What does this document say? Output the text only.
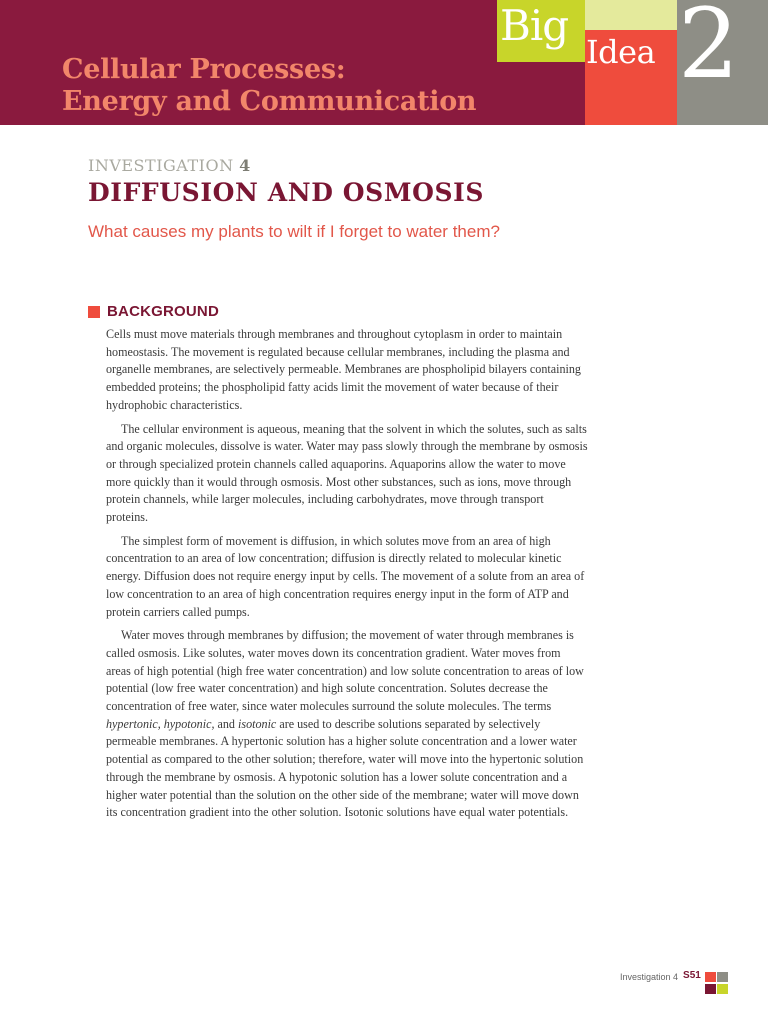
Cellular Processes:
Energy and Communication
Big
Idea 2
INVESTIGATION 4
DIFFUSION AND OSMOSIS
What causes my plants to wilt if I forget to water them?
BACKGROUND

Cells must move materials through membranes and throughout cytoplasm in order to maintain homeostasis. The movement is regulated because cellular membranes, including the plasma and organelle membranes, are selectively permeable. Membranes are phospholipid bilayers containing embedded proteins; the phospholipid fatty acids limit the movement of water because of their hydrophobic characteristics.

The cellular environment is aqueous, meaning that the solvent in which the solutes, such as salts and organic molecules, dissolve is water. Water may pass slowly through the membrane by osmosis or through specialized protein channels called aquaporins. Aquaporins allow the water to move more quickly than it would through osmosis. Most other substances, such as ions, move through protein channels, while larger molecules, including carbohydrates, move through transport proteins.

The simplest form of movement is diffusion, in which solutes move from an area of high concentration to an area of low concentration; diffusion is directly related to molecular kinetic energy. Diffusion does not require energy input by cells. The movement of a solute from an area of low concentration to an area of high concentration requires energy input in the form of ATP and protein carriers called pumps.

Water moves through membranes by diffusion; the movement of water through membranes is called osmosis. Like solutes, water moves down its concentration gradient. Water moves from areas of high potential (high free water concentration) and low solute concentration to areas of low potential (low free water concentration) and high solute concentration. Solutes decrease the concentration of free water, since water molecules surround the solute molecules. The terms hypertonic, hypotonic, and isotonic are used to describe solutions separated by selectively permeable membranes. A hypertonic solution has a higher solute concentration and a lower water potential as compared to the other solution; therefore, water will move into the hypertonic solution through the membrane by osmosis. A hypotonic solution has a lower solute concentration and a higher water potential than the solution on the other side of the membrane; water will move down its concentration gradient into the other solution. Isotonic solutions have equal water potentials.

Investigation 4 S51
